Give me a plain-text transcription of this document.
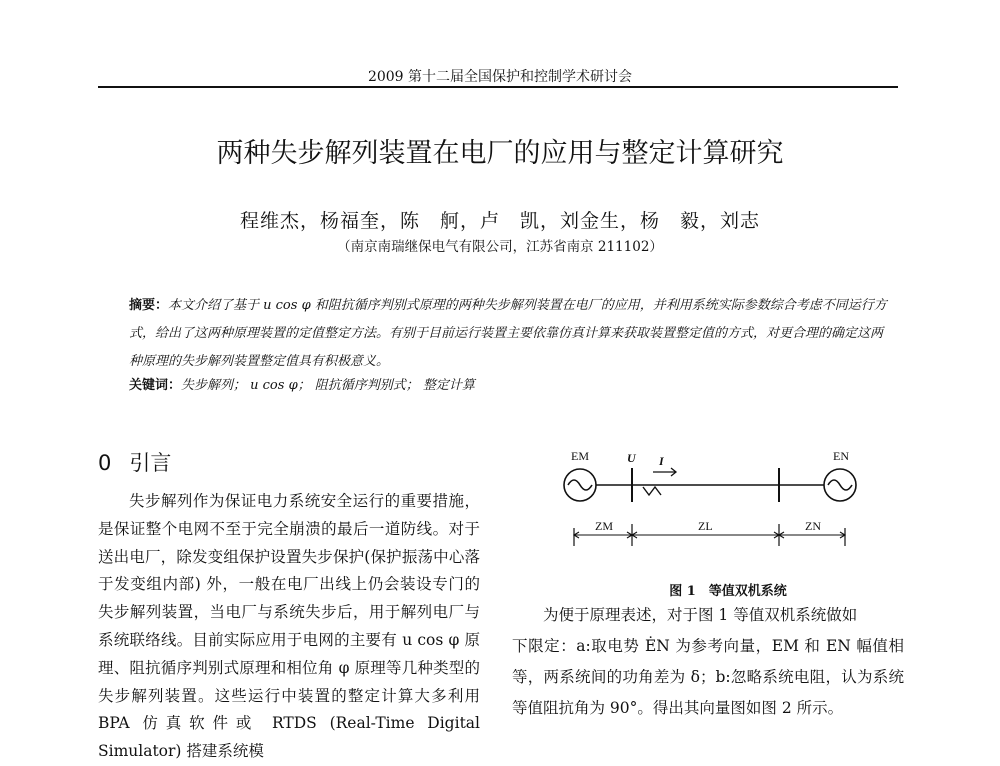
2009 第十二届全国保护和控制学术研讨会
两种失步解列装置在电厂的应用与整定计算研究
程维杰，杨福奎，陈　舸，卢　凯，刘金生，杨　毅，刘志
（南京南瑞继保电气有限公司，江苏省南京 211102）
摘要：本文介绍了基于 u cos φ 和阻抗循序判别式原理的两种失步解列装置在电厂的应用，并利用系统实际参数综合考虑不同运行方式，给出了这两种原理装置的定值整定方法。有别于目前运行装置主要依靠仿真计算来获取装置整定值的方式，对更合理的确定这两种原理的失步解列装置整定值具有积极意义。
关键词：失步解列； u cos φ； 阻抗循序判别式； 整定计算
0 引言

失步解列作为保证电力系统安全运行的重要措施，是保证整个电网不至于完全崩溃的最后一道防线。对于送出电厂，除发变组保护设置失步保护(保护振荡中心落于发变组内部) 外，一般在电厂出线上仍会装设专门的失步解列装置，当电厂与系统失步后，用于解列电厂与系统联络线。目前实际应用于电网的主要有 u cos φ 原理、阻抗循序判别式原理和相位角 φ 原理等几种类型的失步解列装置。这些运行中装置的整定计算大多利用 BPA 仿真软件或 RTDS (Real-Time Digital Simulator) 搭建系统模

EM	EN
U I
ZM	ZL	ZN
图 1　等值双机系统

为便于原理表述，对于图 1 等值双机系统做如

下限定：a:取电势 ĖN 为参考向量，EM 和 EN 幅值相等，两系统间的功角差为 δ；b:忽略系统电阻，认为系统等值阻抗角为 90°。得出其向量图如图 2 所示。
